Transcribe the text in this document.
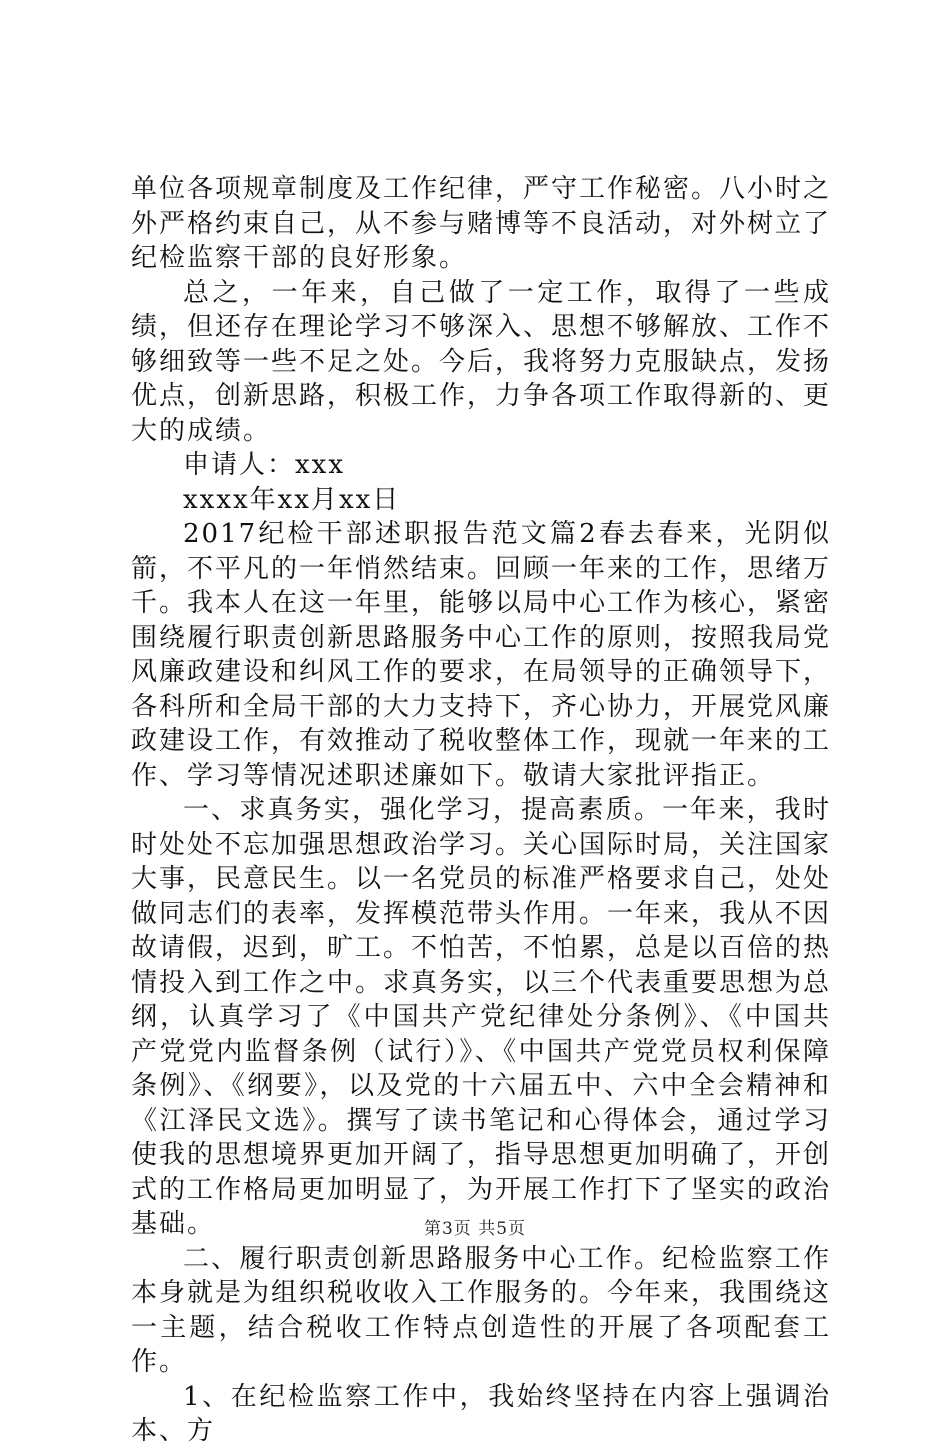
单位各项规章制度及工作纪律，严守工作秘密。八小时之外严格约束自己，从不参与赌博等不良活动，对外树立了纪检监察干部的良好形象。

总之，一年来，自己做了一定工作，取得了一些成绩，但还存在理论学习不够深入、思想不够解放、工作不够细致等一些不足之处。今后，我将努力克服缺点，发扬优点，创新思路，积极工作，力争各项工作取得新的、更大的成绩。

申请人：xxx

xxxx年xx月xx日

2017纪检干部述职报告范文篇2春去春来，光阴似箭，不平凡的一年悄然结束。回顾一年来的工作，思绪万千。我本人在这一年里，能够以局中心工作为核心，紧密围绕履行职责创新思路服务中心工作的原则，按照我局党风廉政建设和纠风工作的要求，在局领导的正确领导下，各科所和全局干部的大力支持下，齐心协力，开展党风廉政建设工作，有效推动了税收整体工作，现就一年来的工作、学习等情况述职述廉如下。敬请大家批评指正。

一、求真务实，强化学习，提高素质。一年来，我时时处处不忘加强思想政治学习。关心国际时局，关注国家大事，民意民生。以一名党员的标准严格要求自己，处处做同志们的表率，发挥模范带头作用。一年来，我从不因故请假，迟到，旷工。不怕苦，不怕累，总是以百倍的热情投入到工作之中。求真务实，以三个代表重要思想为总纲，认真学习了《中国共产党纪律处分条例》、《中国共产党党内监督条例（试行）》、《中国共产党党员权利保障条例》、《纲要》，以及党的十六届五中、六中全会精神和《江泽民文选》。撰写了读书笔记和心得体会，通过学习使我的思想境界更加开阔了，指导思想更加明确了，开创式的工作格局更加明显了，为开展工作打下了坚实的政治基础。

二、履行职责创新思路服务中心工作。纪检监察工作本身就是为组织税收收入工作服务的。今年来，我围绕这一主题，结合税收工作特点创造性的开展了各项配套工作。

1、在纪检监察工作中，我始终坚持在内容上强调治本、方

第3页 共5页
